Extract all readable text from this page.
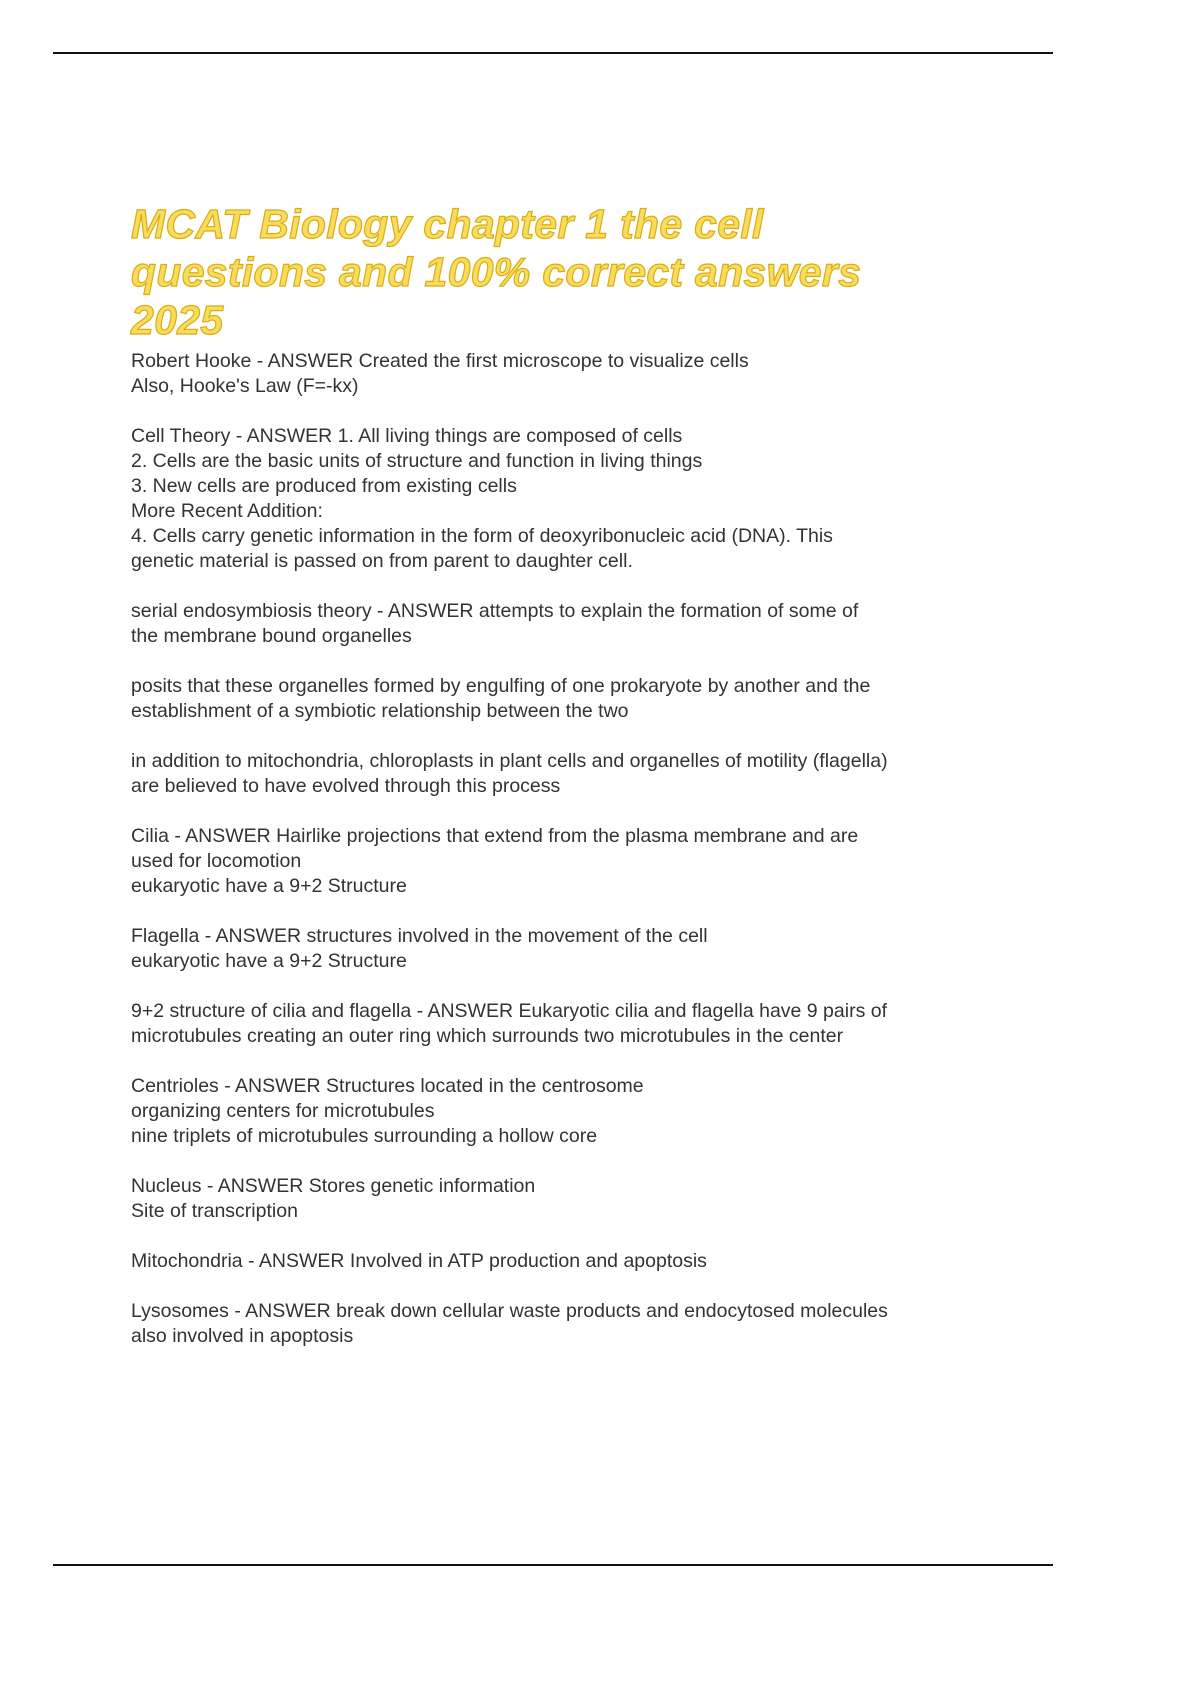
MCAT Biology chapter 1 the cell
questions and 100% correct answers
2025
Robert Hooke - ANSWER Created the first microscope to visualize cells
Also, Hooke's Law (F=-kx)
Cell Theory - ANSWER 1. All living things are composed of cells
2. Cells are the basic units of structure and function in living things
3. New cells are produced from existing cells
More Recent Addition:
4. Cells carry genetic information in the form of deoxyribonucleic acid (DNA). This
genetic material is passed on from parent to daughter cell.
serial endosymbiosis theory - ANSWER attempts to explain the formation of some of
the membrane bound organelles
posits that these organelles formed by engulfing of one prokaryote by another and the
establishment of a symbiotic relationship between the two
in addition to mitochondria, chloroplasts in plant cells and organelles of motility (flagella)
are believed to have evolved through this process
Cilia - ANSWER Hairlike projections that extend from the plasma membrane and are
used for locomotion
eukaryotic have a 9+2 Structure
Flagella - ANSWER structures involved in the movement of the cell
eukaryotic have a 9+2 Structure
9+2 structure of cilia and flagella - ANSWER Eukaryotic cilia and flagella have 9 pairs of
microtubules creating an outer ring which surrounds two microtubules in the center
Centrioles - ANSWER Structures located in the centrosome
organizing centers for microtubules
nine triplets of microtubules surrounding a hollow core
Nucleus - ANSWER Stores genetic information
Site of transcription
Mitochondria - ANSWER Involved in ATP production and apoptosis
Lysosomes - ANSWER break down cellular waste products and endocytosed molecules
also involved in apoptosis
